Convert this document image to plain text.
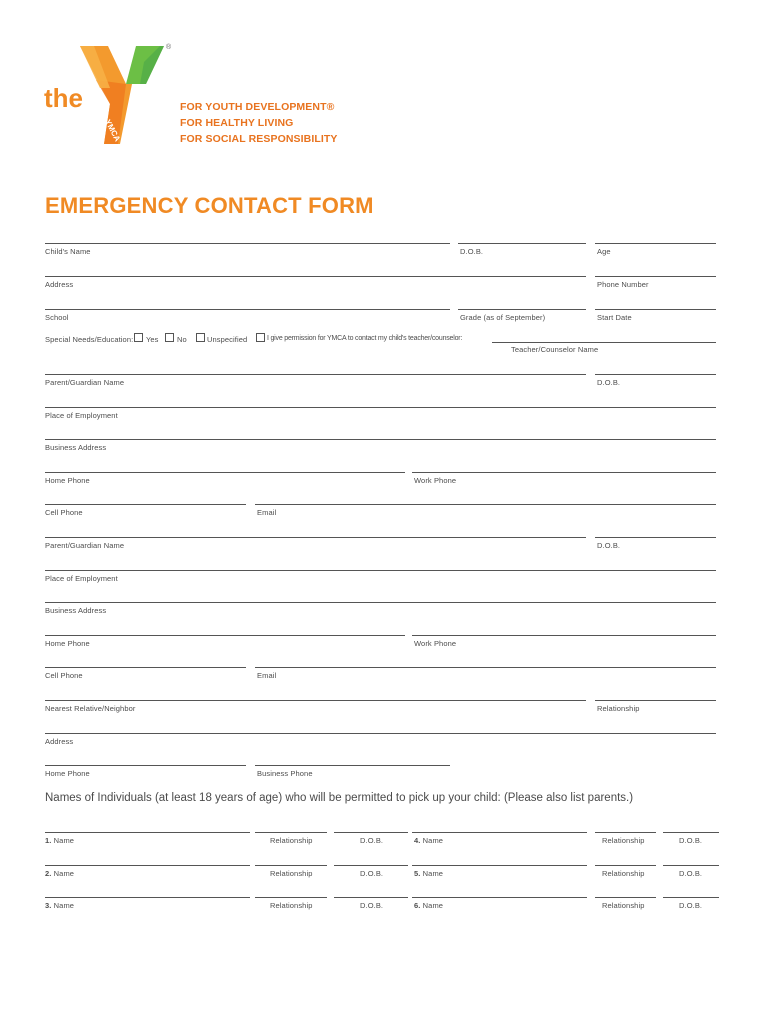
®
the
YMCA
FOR YOUTH DEVELOPMENT®
FOR HEALTHY LIVING
FOR SOCIAL RESPONSIBILITY
EMERGENCY CONTACT FORM
Child's Name	D.O.B.	Age
Address	Phone Number
School	Grade (as of September)	Start Date
Special Needs/Education: Yes No	Unspecified	I give permission for YMCA to contact my child's teacher/counselor:
Teacher/Counselor Name
Parent/Guardian Name	D.O.B.
Place of Employment
Business Address
Home Phone	Work Phone
Cell Phone	Email
Parent/Guardian Name	D.O.B.
Place of Employment
Business Address
Home Phone	Work Phone
Cell Phone	Email
Nearest Relative/Neighbor	Relationship
Address
Home Phone	Business Phone
Names of Individuals (at least 18 years of age) who will be permitted to pick up your child: (Please also list parents.)
1. Name	Relationship	D.O.B.	4. Name	Relationship	D.O.B.
2. Name	Relationship	D.O.B.	5. Name	Relationship	D.O.B.
3. Name	Relationship	D.O.B.	6. Name	Relationship	D.O.B.
